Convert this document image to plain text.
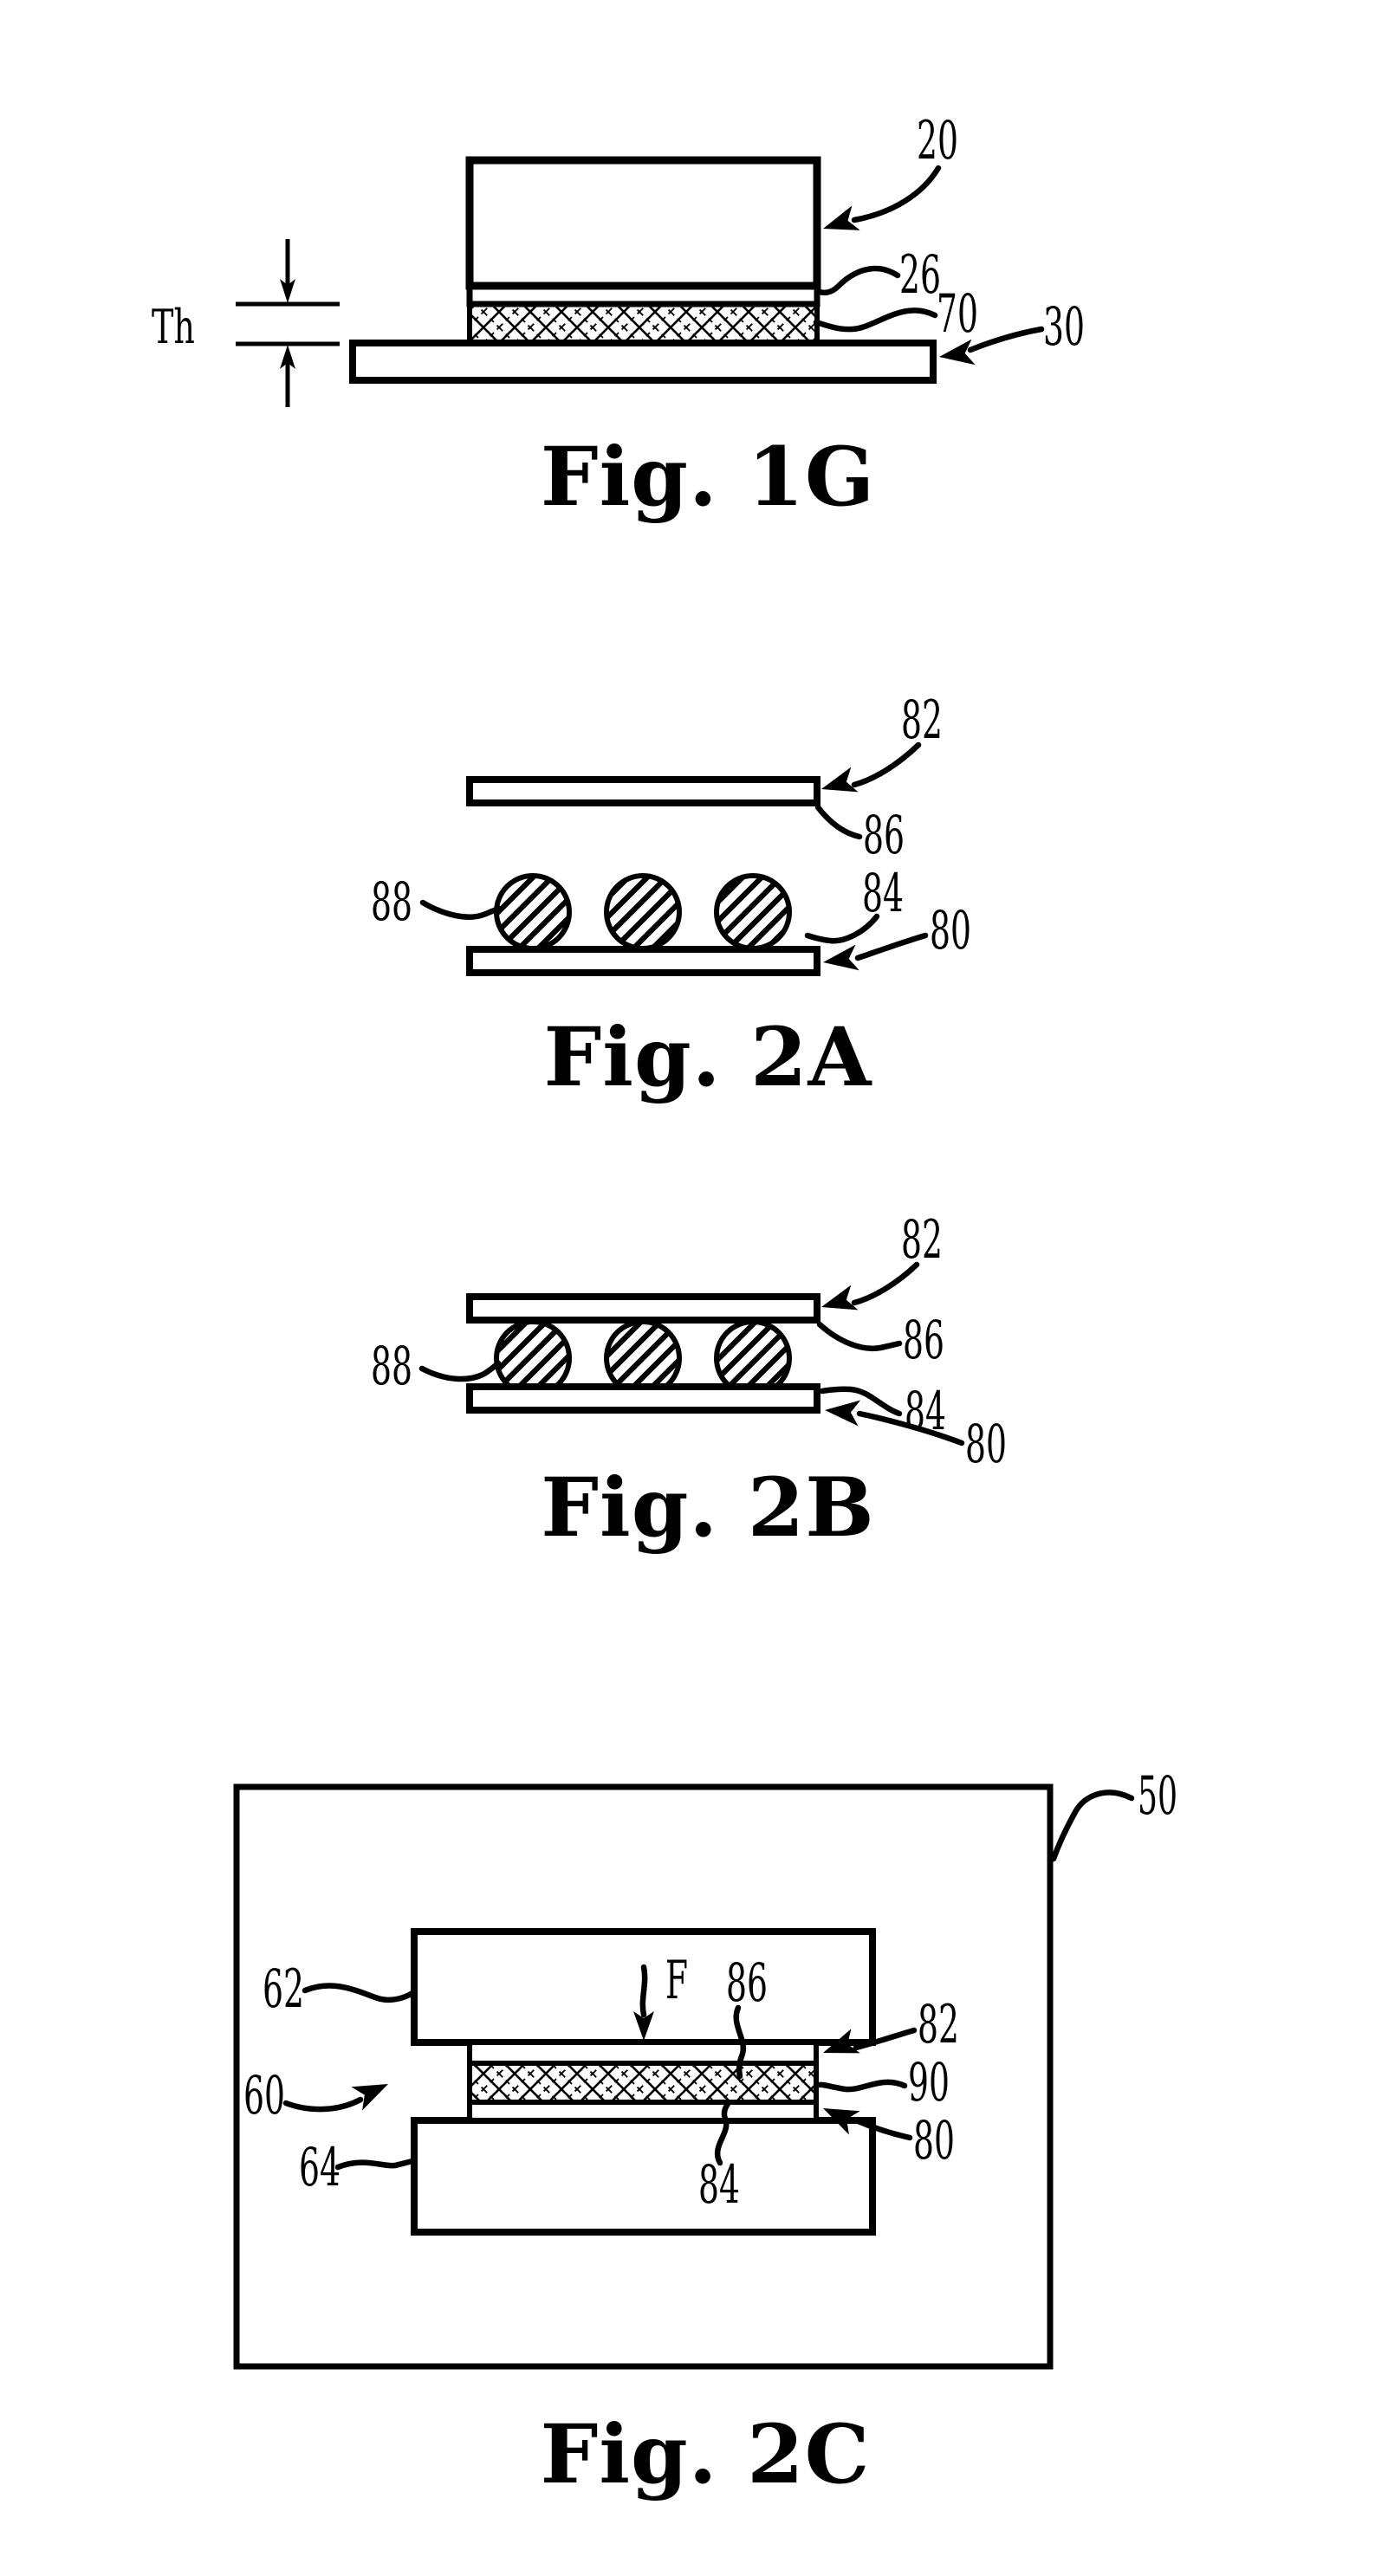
Th
20
26
70 30
Fig. 1G
82
86
88	84
80
Fig. 2A
82
86
88
84
80
Fig. 2B
50
62	F 86
82
60	90
64	84
80
Fig. 2C
